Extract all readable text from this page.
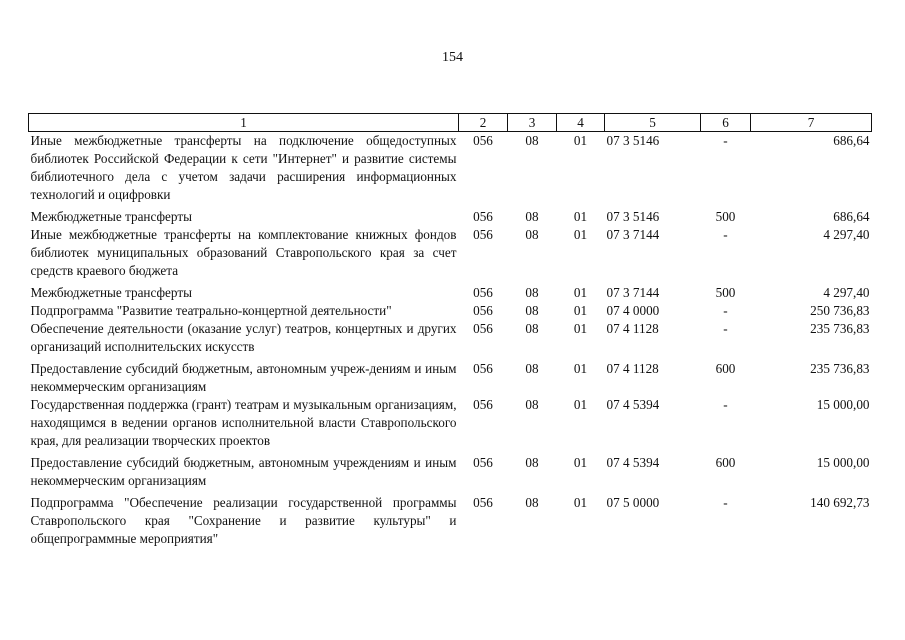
154
1	2	3	4	5	6	7
Иные межбюджетные трансферты на подключение общедоступных библиотек Российской Федерации к сети "Интернет" и развитие системы библиотечного дела с учетом задачи расширения информационных технологий и оцифровки	056	08	01	07 3 5146	-	686,64
Межбюджетные трансферты	056	08	01	07 3 5146	500	686,64
Иные межбюджетные трансферты на комплектование книжных фондов библиотек муниципальных образований Ставропольского края за счет средств краевого бюджета	056	08	01	07 3 7144	-	4 297,40
Межбюджетные трансферты	056	08	01	07 3 7144	500	4 297,40
Подпрограмма "Развитие театрально-концертной деятельности"	056	08	01	07 4 0000	-	250 736,83
Обеспечение деятельности (оказание услуг) театров, концертных и других организаций исполнительских искусств	056	08	01	07 4 1128	-	235 736,83
Предоставление субсидий бюджетным, автономным учреж-дениям и иным некоммерческим организациям	056	08	01	07 4 1128	600	235 736,83
Государственная поддержка (грант) театрам и музыкальным организациям, находящимся в ведении органов исполнительной власти Ставропольского края, для реализации творческих проектов	056	08	01	07 4 5394	-	15 000,00
Предоставление субсидий бюджетным, автономным учреждениям и иным некоммерческим организациям	056	08	01	07 4 5394	600	15 000,00
Подпрограмма "Обеспечение реализации государственной программы Ставропольского края "Сохранение и развитие культуры" и общепрограммные мероприятия"	056	08	01	07 5 0000	-	140 692,73
